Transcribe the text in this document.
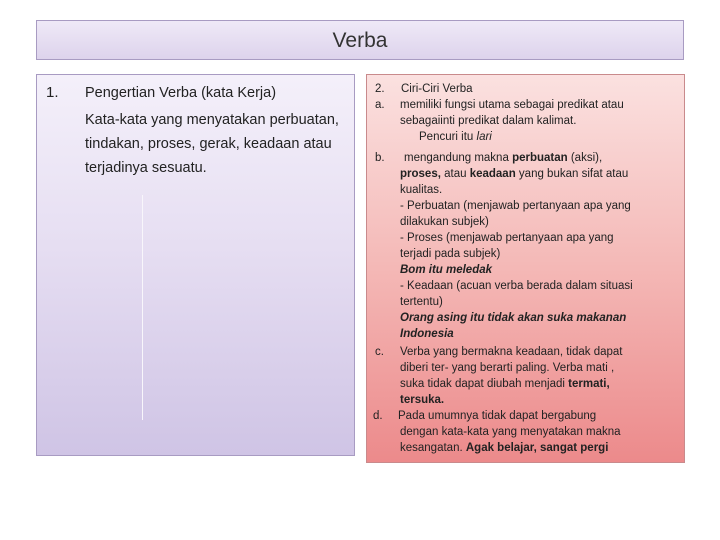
Verba
1. Pengertian Verba (kata Kerja)
Kata-kata yang menyatakan perbuatan, tindakan, proses, gerak, keadaan atau terjadinya sesuatu.
2. Ciri-Ciri Verba
a. memiliki fungsi utama sebagai predikat atau
sebagaiinti predikat dalam kalimat.
Pencuri itu lari
b. mengandung makna perbuatan (aksi),
proses, atau keadaan yang bukan sifat atau
kualitas.
- Perbuatan (menjawab pertanyaan apa yang
dilakukan subjek)
- Proses (menjawab pertanyaan apa yang
terjadi pada subjek)
Bom itu meledak
- Keadaan (acuan verba berada dalam situasi
tertentu)
Orang asing itu tidak akan suka makanan
Indonesia
c. Verba yang bermakna keadaan, tidak dapat
diberi ter- yang berarti paling. Verba mati ,
suka tidak dapat diubah menjadi termati,
tersuka.
d. Pada umumnya tidak dapat bergabung
dengan kata-kata yang menyatakan makna
kesangatan. Agak belajar, sangat pergi
